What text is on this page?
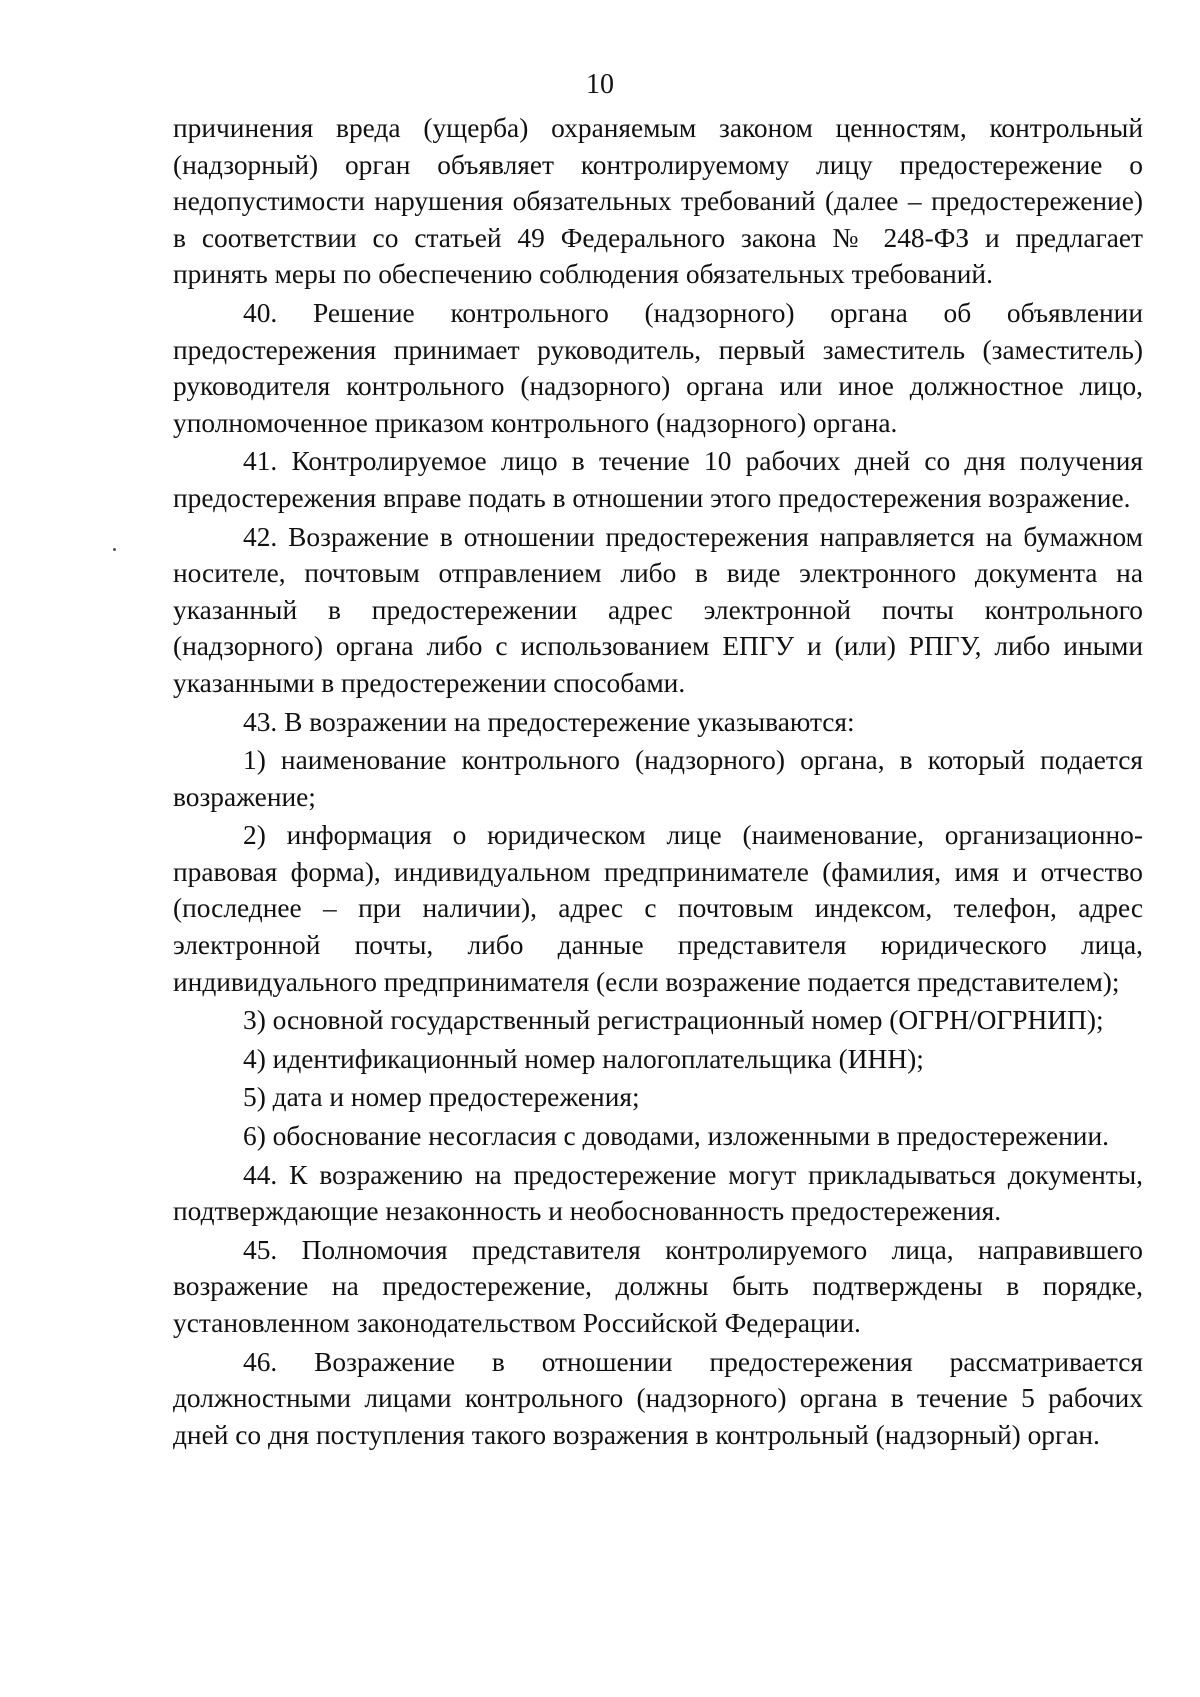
10

причинения вреда (ущерба) охраняемым законом ценностям, контрольный (надзорный) орган объявляет контролируемому лицу предостережение о недопустимости нарушения обязательных требований (далее – предостережение) в соответствии со статьей 49 Федерального закона № 248-ФЗ и предлагает принять меры по обеспечению соблюдения обязательных требований.

40. Решение контрольного (надзорного) органа об объявлении предостережения принимает руководитель, первый заместитель (заместитель) руководителя контрольного (надзорного) органа или иное должностное лицо, уполномоченное приказом контрольного (надзорного) органа.

41. Контролируемое лицо в течение 10 рабочих дней со дня получения предостережения вправе подать в отношении этого предостережения возражение.

42. Возражение в отношении предостережения направляется на бумажном носителе, почтовым отправлением либо в виде электронного документа на указанный в предостережении адрес электронной почты контрольного (надзорного) органа либо с использованием ЕПГУ и (или) РПГУ, либо иными указанными в предостережении способами.

43. В возражении на предостережение указываются:

1) наименование контрольного (надзорного) органа, в который подается возражение;

2) информация о юридическом лице (наименование, организационно-правовая форма), индивидуальном предпринимателе (фамилия, имя и отчество (последнее – при наличии), адрес с почтовым индексом, телефон, адрес электронной почты, либо данные представителя юридического лица, индивидуального предпринимателя (если возражение подается представителем);

3) основной государственный регистрационный номер (ОГРН/ОГРНИП);

4) идентификационный номер налогоплательщика (ИНН);

5) дата и номер предостережения;

6) обоснование несогласия с доводами, изложенными в предостережении.

44. К возражению на предостережение могут прикладываться документы, подтверждающие незаконность и необоснованность предостережения.

45. Полномочия представителя контролируемого лица, направившего возражение на предостережение, должны быть подтверждены в порядке, установленном законодательством Российской Федерации.

46. Возражение в отношении предостережения рассматривается должностными лицами контрольного (надзорного) органа в течение 5 рабочих дней со дня поступления такого возражения в контрольный (надзорный) орган.
